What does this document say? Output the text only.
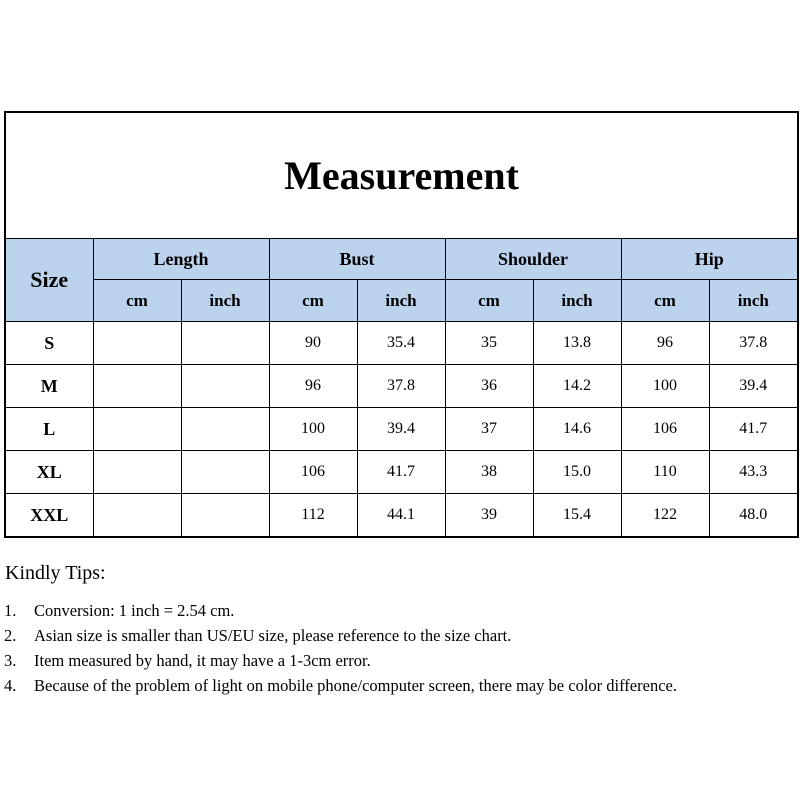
Measurement								
Size	Length		Bust		Shoulder		Hip	
	cm	inch	cm	inch	cm	inch	cm	inch
S			90	35.4	35	13.8	96	37.8
M			96	37.8	36	14.2	100	39.4
L			100	39.4	37	14.6	106	41.7
XL			106	41.7	38	15.0	110	43.3
XXL			112	44.1	39	15.4	122	48.0
Kindly Tips:
1. Conversion: 1 inch = 2.54 cm.
2. Asian size is smaller than US/EU size, please reference to the size chart.
3. Item measured by hand, it may have a 1-3cm error.
4. Because of the problem of light on mobile phone/computer screen, there may be color difference.
